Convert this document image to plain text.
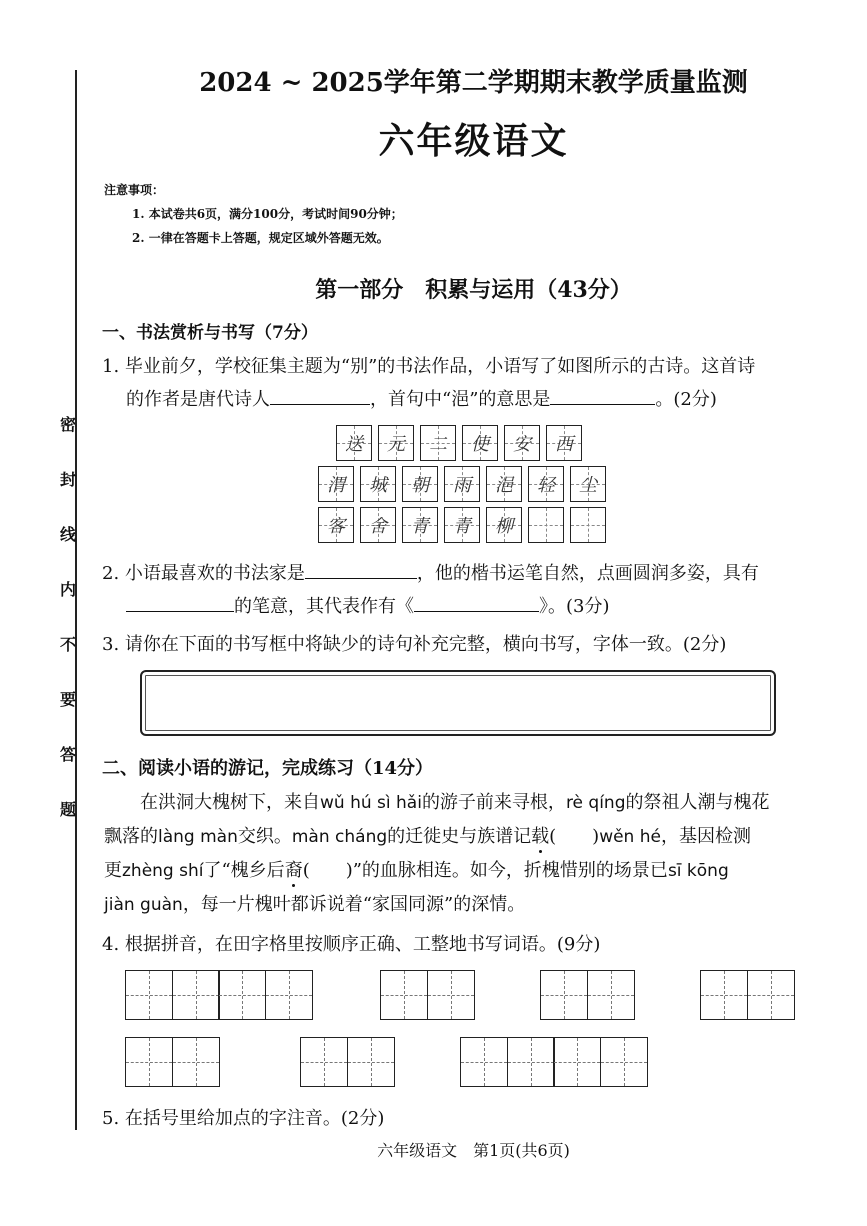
密
封
线
内
不
要
答
题
2024 ~ 2025学年第二学期期末教学质量监测
六年级语文
注意事项：
1. 本试卷共6页，满分100分，考试时间90分钟；
2. 一律在答题卡上答题，规定区域外答题无效。
第一部分　积累与运用（43分）
一、书法赏析与书写（7分）
1. 毕业前夕，学校征集主题为“别”的书法作品，小语写了如图所示的古诗。这首诗
的作者是唐代诗人	，首句中“浥”的意思是	。(2分)
送 元 二 使 安 西
渭 城 朝 雨 浥 轻 尘
客 舍 青 青 柳
2. 小语最喜欢的书法家是	，他的楷书运笔自然，点画圆润多姿，具有
的笔意，其代表作有《	》。(3分)
3. 请你在下面的书写框中将缺少的诗句补充完整，横向书写，字体一致。(2分)
二、阅读小语的游记，完成练习（14分）
在洪洞大槐树下，来自wǔ hú sì hǎi的游子前来寻根，rè qíng的祭祖人潮与槐花
飘落的làng màn交织。màn cháng的迁徙史与族谱记载(　　)wěn hé，基因检测
更zhèng shí了“槐乡后裔(　　)”的血脉相连。如今，折槐惜别的场景已sī kōng
jiàn guàn，每一片槐叶都诉说着“家国同源”的深情。
4. 根据拼音，在田字格里按顺序正确、工整地书写词语。(9分)
5. 在括号里给加点的字注音。(2分)
六年级语文　第1页(共6页)
